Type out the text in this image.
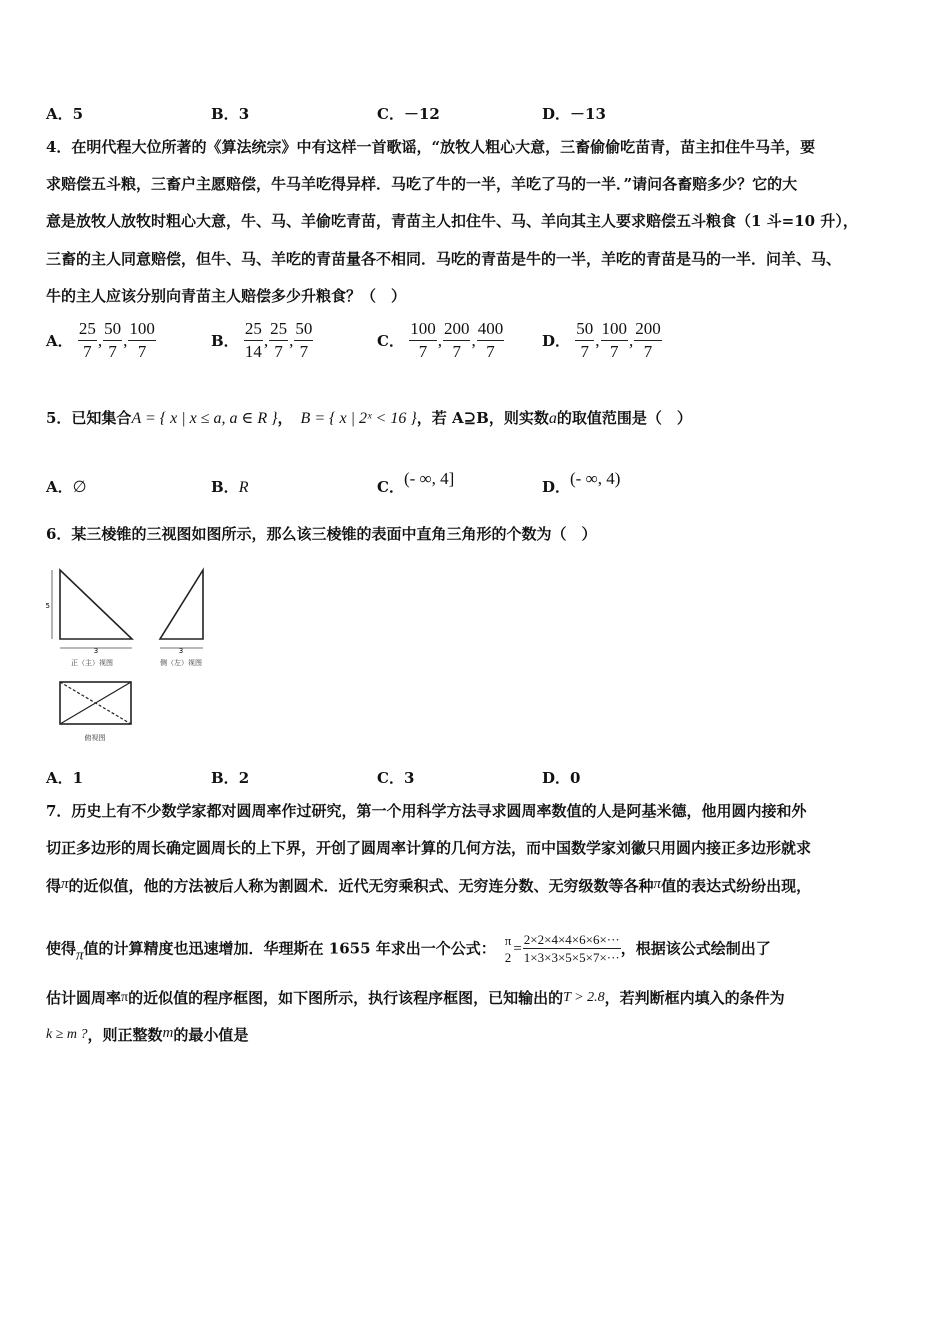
A．5	B．3	C．－12	D．－13
4．在明代程大位所著的《算法统宗》中有这样一首歌谣，“放牧人粗心大意，三畜偷偷吃苗青，苗主扣住牛马羊，要
求赔偿五斗粮，三畜户主愿赔偿，牛马羊吃得异样．马吃了牛的一半，羊吃了马的一半．”请问各畜赔多少？它的大
意是放牧人放牧时粗心大意，牛、马、羊偷吃青苗，青苗主人扣住牛、马、羊向其主人要求赔偿五斗粮食（1 斗=10 升），
三畜的主人同意赔偿，但牛、马、羊吃的青苗量各不相同．马吃的青苗是牛的一半，羊吃的青苗是马的一半．问羊、马、
牛的主人应该分别向青苗主人赔偿多少升粮食？（　）
A． $\frac{25}{7}$ , $\frac{50}{7}$ , $\frac{100}{7}$	B． $\frac{25}{14}$ , $\frac{25}{7}$ , $\frac{50}{7}$	C． $\frac{100}{7}$ , $\frac{200}{7}$ , $\frac{400}{7}$	D． $\frac{50}{7}$ , $\frac{100}{7}$ , $\frac{200}{7}$
5．已知集合A = { x | x ≤ a, a ∈ R }， B = { x | 2ˣ < 16 }，若 A⊇B，则实数a的取值范围是（　）
A．∅	B．R	C．(- ∞, 4]	D．(- ∞, 4)
6．某三棱锥的三视图如图所示，那么该三棱锥的表面中直角三角形的个数为（　）
5
3
正（主）视图
3
侧（左）视图
俯视图
A．1	B．2	C．3	D．0
7．历史上有不少数学家都对圆周率作过研究，第一个用科学方法寻求圆周率数值的人是阿基米德，他用圆内接和外
切正多边形的周长确定圆周长的上下界，开创了圆周率计算的几何方法，而中国数学家刘徽只用圆内接正多边形就求
得π的近似值，他的方法被后人称为割圆术．近代无穷乘积式、无穷连分数、无穷级数等各种π值的表达式纷纷出现，
使得π值的计算精度也迅速增加．华理斯在 1655 年求出一个公式： π
2
= $\frac{2\times 2\times 4\times 4\times 6\times 6\times\cdot\cdot\cdot}{1\times 3\times 3\times 5\times 5\times 7\times\cdot\cdot\cdot}$ ，根据该公式绘制出了
估计圆周率π的近似值的程序框图，如下图所示，执行该程序框图，已知输出的T > 2.8，若判断框内填入的条件为
k ≥ m ?，则正整数m的最小值是
